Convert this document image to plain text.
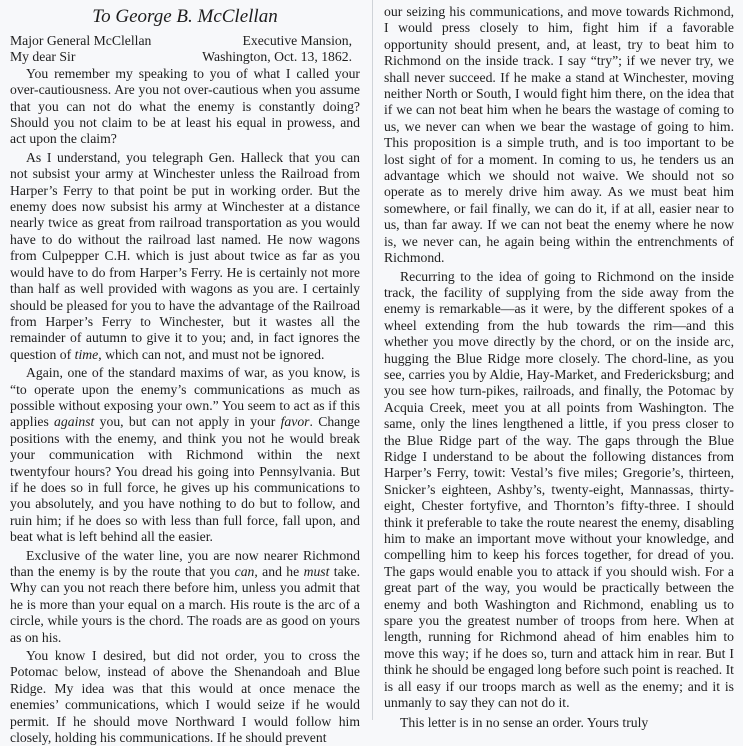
To George B. McClellan
Major General McClellan	Executive Mansion,
My dear Sir	Washington, Oct. 13, 1862.

You remember my speaking to you of what I called your over-cautiousness. Are you not over-cautious when you assume that you can not do what the enemy is constantly doing? Should you not claim to be at least his equal in prowess, and act upon the claim?

As I understand, you telegraph Gen. Halleck that you can not subsist your army at Winchester unless the Railroad from Harper’s Ferry to that point be put in working order. But the enemy does now subsist his army at Winchester at a distance nearly twice as great from railroad transportation as you would have to do without the railroad last named. He now wagons from Culpepper C.H. which is just about twice as far as you would have to do from Harper’s Ferry. He is certainly not more than half as well provided with wagons as you are. I certainly should be pleased for you to have the advantage of the Railroad from Harper’s Ferry to Winchester, but it wastes all the remainder of autumn to give it to you; and, in fact ignores the question of time, which can not, and must not be ignored.

Again, one of the standard maxims of war, as you know, is “to operate upon the enemy’s communications as much as possible without exposing your own.” You seem to act as if this applies against you, but can not apply in your favor. Change positions with the enemy, and think you not he would break your communication with Richmond within the next twentyfour hours? You dread his going into Pennsylvania. But if he does so in full force, he gives up his communications to you absolutely, and you have nothing to do but to follow, and ruin him; if he does so with less than full force, fall upon, and beat what is left behind all the easier.

Exclusive of the water line, you are now nearer Richmond than the enemy is by the route that you can, and he must take. Why can you not reach there before him, unless you admit that he is more than your equal on a march. His route is the arc of a circle, while yours is the chord. The roads are as good on yours as on his.

You know I desired, but did not order, you to cross the Potomac below, instead of above the Shenandoah and Blue Ridge. My idea was that this would at once menace the enemies’ communications, which I would seize if he would permit. If he should move Northward I would follow him closely, holding his communications. If he should prevent

our seizing his communications, and move towards Richmond, I would press closely to him, fight him if a favorable opportunity should present, and, at least, try to beat him to Richmond on the inside track. I say “try”; if we never try, we shall never succeed. If he make a stand at Winchester, moving neither North or South, I would fight him there, on the idea that if we can not beat him when he bears the wastage of coming to us, we never can when we bear the wastage of going to him. This proposition is a simple truth, and is too important to be lost sight of for a moment. In coming to us, he tenders us an advantage which we should not waive. We should not so operate as to merely drive him away. As we must beat him somewhere, or fail finally, we can do it, if at all, easier near to us, than far away. If we can not beat the enemy where he now is, we never can, he again being within the entrenchments of Richmond.

Recurring to the idea of going to Richmond on the inside track, the facility of supplying from the side away from the enemy is remarkable—as it were, by the different spokes of a wheel extending from the hub towards the rim—and this whether you move directly by the chord, or on the inside arc, hugging the Blue Ridge more closely. The chord-line, as you see, carries you by Aldie, Hay-Market, and Fredericksburg; and you see how turn-pikes, railroads, and finally, the Potomac by Acquia Creek, meet you at all points from Washington. The same, only the lines lengthened a little, if you press closer to the Blue Ridge part of the way. The gaps through the Blue Ridge I understand to be about the following distances from Harper’s Ferry, towit: Vestal’s five miles; Gregorie’s, thirteen, Snicker’s eighteen, Ashby’s, twenty-eight, Mannassas, thirty-eight, Chester fortyfive, and Thornton’s fifty-three. I should think it preferable to take the route nearest the enemy, disabling him to make an important move without your knowledge, and compelling him to keep his forces together, for dread of you. The gaps would enable you to attack if you should wish. For a great part of the way, you would be practically between the enemy and both Washington and Richmond, enabling us to spare you the greatest number of troops from here. When at length, running for Richmond ahead of him enables him to move this way; if he does so, turn and attack him in rear. But I think he should be engaged long before such point is reached. It is all easy if our troops march as well as the enemy; and it is unmanly to say they can not do it.

This letter is in no sense an order. Yours truly
